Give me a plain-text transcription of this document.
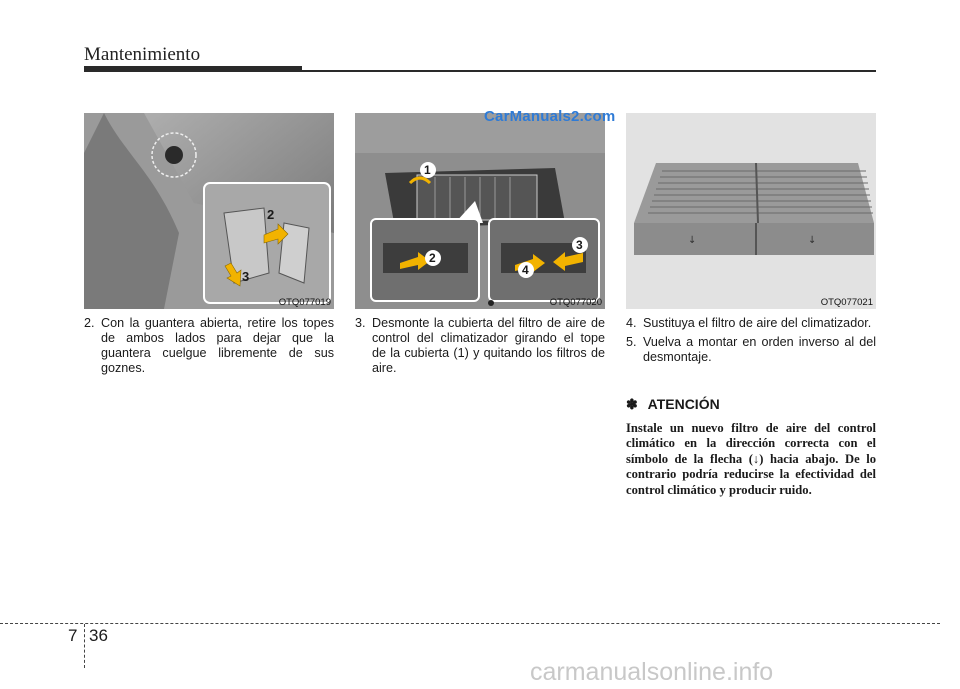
Mantenimiento
2
3
OTQ077019
1
2
3
4
OTQ077020
↓	↓
OTQ077021
CarManuals2.com
2. Con la guantera abierta, retire los topes de ambos lados para dejar que la guantera cuelgue libremente de sus goznes.
3. Desmonte la cubierta del filtro de aire de control del climatizador girando el tope de la cubierta (1) y quitando los filtros de aire.
4. Sustituya el filtro de aire del climatizador.
5. Vuelva a montar en orden inverso al del desmontaje.
✽ ATENCIÓN
Instale un nuevo filtro de aire del control climático en la dirección correcta con el símbolo de la flecha (↓) hacia abajo. De lo contrario podría reducirse la efectividad del control climático y producir ruido.
7 36
carmanualsonline.info
